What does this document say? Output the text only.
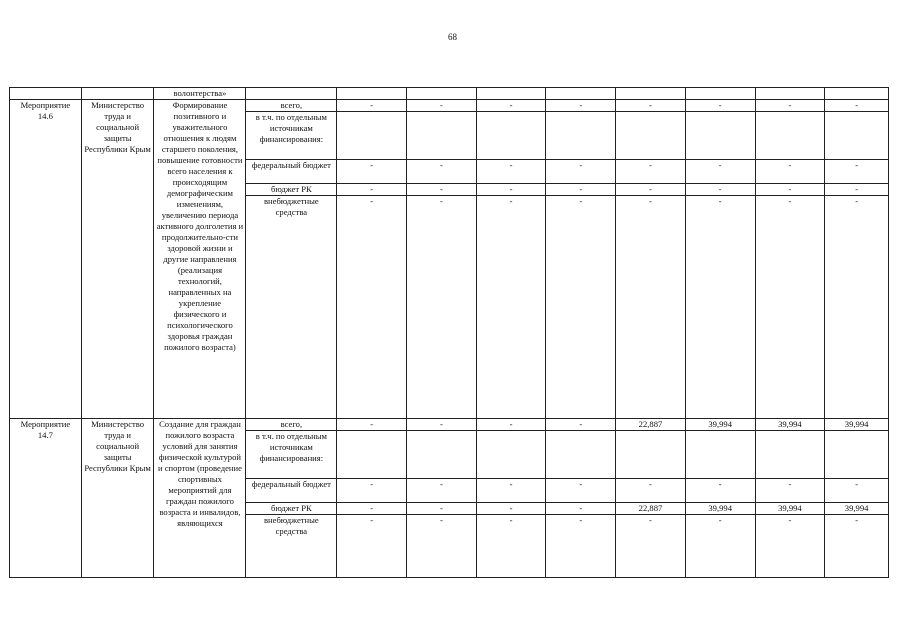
68
		волонтерства»									

Мероприятие
14.6	Министерство труда и социальной защиты Республики Крым	Формирование позитивного и уважительного отношения к людям старшего поколения, повышение готовности всего населения к происходящим демографическим изменениям, увеличению периода активного долголетия и продолжительно-сти здоровой жизни и другие направления (реализация технологий, направленных на укрепление физического и психологического здоровья граждан пожилого возраста)	всего,	-	-	-	-	-	-	-	-
			в т.ч. по отдельным источникам финансирования:								
			федеральный бюджет	-	-	-	-	-	-	-	-
			бюджет РК	-	-	-	-	-	-	-	-
			внебюджетные средства	-	-	-	-	-	-	-	-

Мероприятие
14.7	Министерство труда и социальной защиты Республики Крым	Создание для граждан пожилого возраста условий для занятия физической культурой и спортом (проведение спортивных мероприятий для граждан пожилого возраста и инвалидов, являющихся	всего,	-	-	-	-	22,887	39,994	39,994	39,994
			в т.ч. по отдельным источникам финансирования:								
			федеральный бюджет	-	-	-	-	-	-	-	-
			бюджет РК	-	-	-	-	22,887	39,994	39,994	39,994
			внебюджетные средства	-	-	-	-	-	-	-	-
